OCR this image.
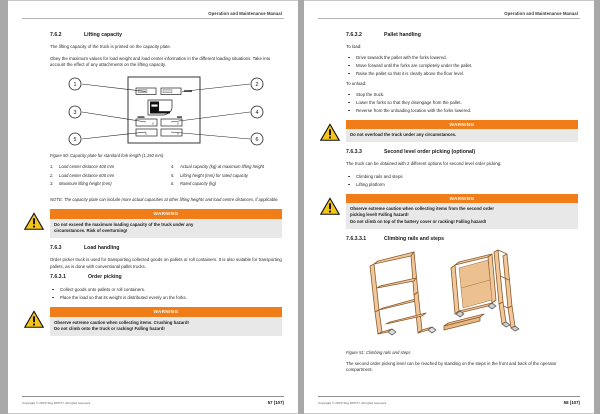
Operation and Maintenance Manual
7.6.2	Lifting capacity

The lifting capacity of the truck is printed on the capacity plate.

Obey the maximum values for load weight and load center information in the different loading situations. Take into account the effect of any attachments on the lifting capacity.

0	0
0	0
1	2
3	4
5	6
Figure 50: Capacity plate for standard fork length (1,150 mm)
1. Load center distance 400 mm
2. Load center distance 600 mm
3. Maximum lifting height (mm)
4. Actual capacity (kg) at maximum lifting height
5. Lifting height (mm) for rated capacity
6. Rated capacity (kg)
NOTE: The capacity plate can include more actual capacities at other lifting heights and load centre distances, if applicable.
WARNING

Do not exceed the maximum loading capacity of the truck under any

circumstances. Risk of overturning!

7.6.3	Load handling

Order picker truck is used for transporting collected goods on pallets or roll containers. It is also suitable for transporting pallets, as is done with conventional pallet trucks.

7.6.3.1	Order picking
Collect goods onto pallets or roll containers.
Place the load so that its weight is distributed evenly on the forks.
WARNING

Observe extreme caution when collecting items. Crushing hazard!

Do not climb onto the truck or racking! Falling hazard!

Copyright © 20XX Roy MOTTI. All rights reserved.	57 (107)
Operation and Maintenance Manual
7.6.3.2	Pallet handling

To load:

Drive towards the pallet with the forks lowered.
Move forward until the forks are completely under the pallet.
Raise the pallet so that it is clearly above the floor level.

To unload:

Stop the truck.
Lower the forks so that they disengage from the pallet.
Reverse from the unloading location with the forks lowered.
WARNING

Do not overload the truck under any circumstances.

7.6.3.3	Second level order picking (optional)

The truck can be obtained with 2 different options for second level order picking:

Climbing rails and steps
Lifting platform
WARNING

Observe extreme caution when collecting items from the second order

picking level! Falling hazard!

Do not climb on top of the battery cover or racking! Falling hazard!

7.6.3.3.1	Climbing rails and steps
Figure 51: Climbing rails and steps

The second order picking level can be reached by standing on the steps in the front and back of the operator compartment.

Copyright © 20XX Roy MOTTI. All rights reserved.	58 (107)
